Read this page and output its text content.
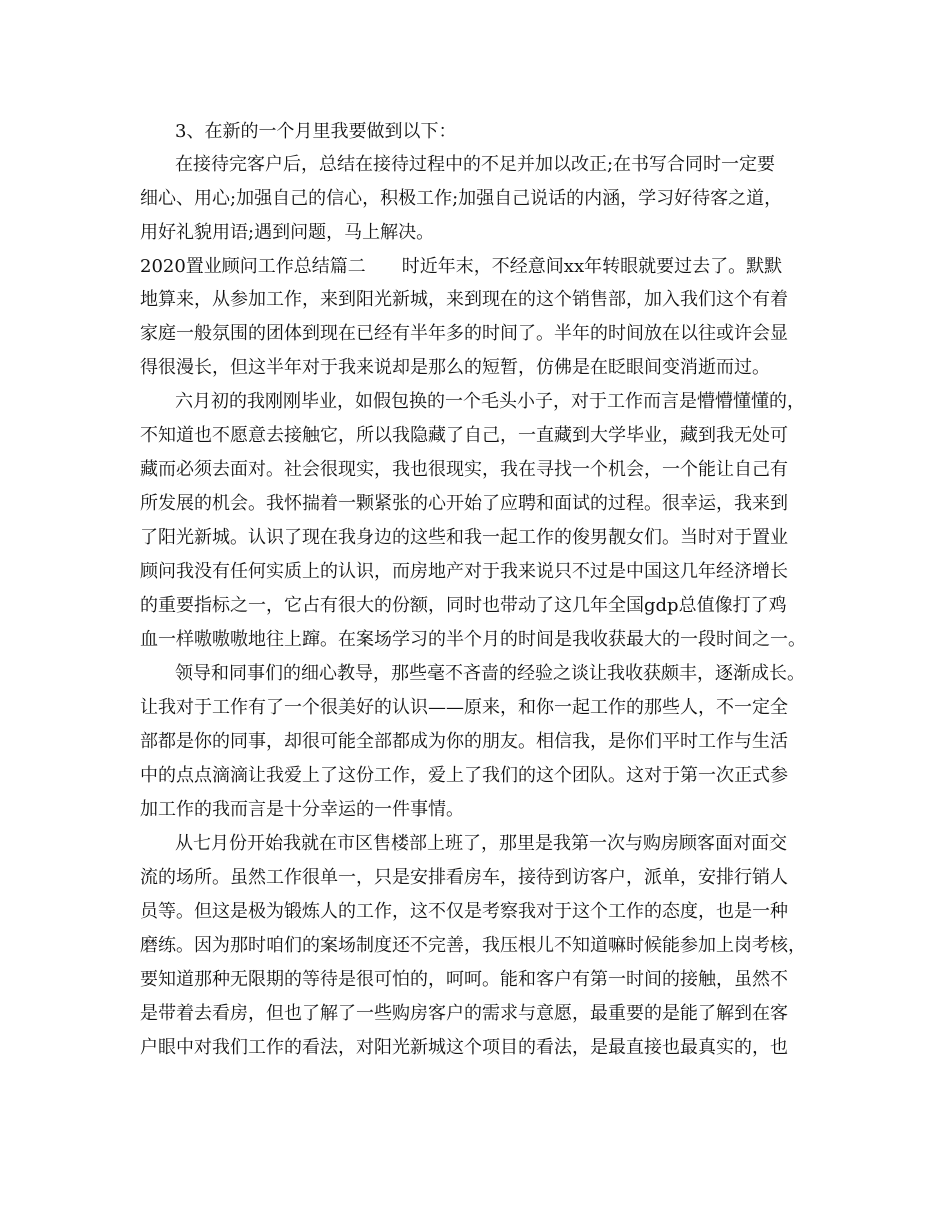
3、在新的一个月里我要做到以下：
在接待完客户后，总结在接待过程中的不足并加以改正;在书写合同时一定要
细心、用心;加强自己的信心，积极工作;加强自己说话的内涵，学习好待客之道，
用好礼貌用语;遇到问题，马上解决。
2020置业顾问工作总结篇二　　时近年末，不经意间xx年转眼就要过去了。默默
地算来，从参加工作，来到阳光新城，来到现在的这个销售部，加入我们这个有着
家庭一般氛围的团体到现在已经有半年多的时间了。半年的时间放在以往或许会显
得很漫长，但这半年对于我来说却是那么的短暂，仿佛是在眨眼间变消逝而过。
六月初的我刚刚毕业，如假包换的一个毛头小子，对于工作而言是懵懵懂懂的，
不知道也不愿意去接触它，所以我隐藏了自己，一直藏到大学毕业，藏到我无处可
藏而必须去面对。社会很现实，我也很现实，我在寻找一个机会，一个能让自己有
所发展的机会。我怀揣着一颗紧张的心开始了应聘和面试的过程。很幸运，我来到
了阳光新城。认识了现在我身边的这些和我一起工作的俊男靓女们。当时对于置业
顾问我没有任何实质上的认识，而房地产对于我来说只不过是中国这几年经济增长
的重要指标之一，它占有很大的份额，同时也带动了这几年全国gdp总值像打了鸡
血一样嗷嗷嗷地往上蹿。在案场学习的半个月的时间是我收获最大的一段时间之一。
领导和同事们的细心教导，那些毫不吝啬的经验之谈让我收获颇丰，逐渐成长。
让我对于工作有了一个很美好的认识——原来，和你一起工作的那些人，不一定全
部都是你的同事，却很可能全部都成为你的朋友。相信我，是你们平时工作与生活
中的点点滴滴让我爱上了这份工作，爱上了我们的这个团队。这对于第一次正式参
加工作的我而言是十分幸运的一件事情。
从七月份开始我就在市区售楼部上班了，那里是我第一次与购房顾客面对面交
流的场所。虽然工作很单一，只是安排看房车，接待到访客户，派单，安排行销人
员等。但这是极为锻炼人的工作，这不仅是考察我对于这个工作的态度，也是一种
磨练。因为那时咱们的案场制度还不完善，我压根儿不知道嘛时候能参加上岗考核，
要知道那种无限期的等待是很可怕的，呵呵。能和客户有第一时间的接触，虽然不
是带着去看房，但也了解了一些购房客户的需求与意愿，最重要的是能了解到在客
户眼中对我们工作的看法，对阳光新城这个项目的看法，是最直接也最真实的，也
